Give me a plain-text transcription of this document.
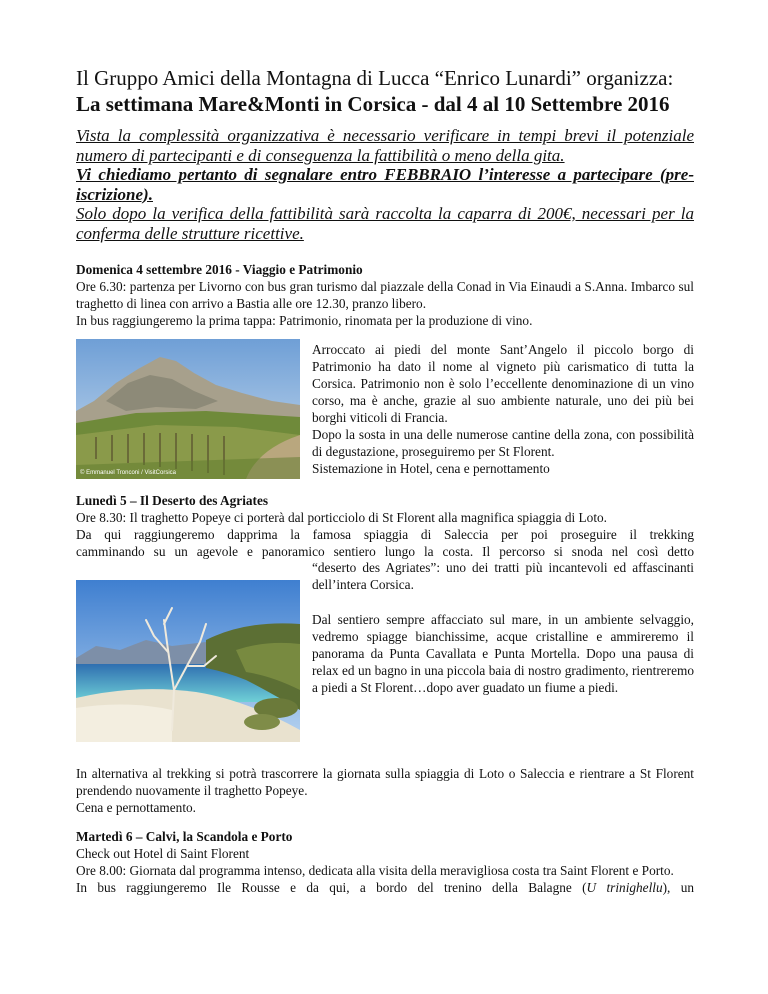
Il Gruppo Amici della Montagna di Lucca “Enrico Lunardi” organizza:
La settimana Mare&Monti in Corsica - dal 4 al 10 Settembre 2016
Vista la complessità organizzativa è necessario verificare in tempi brevi il potenziale numero di partecipanti e di conseguenza la fattibilità o meno della gita.
Vi chiediamo pertanto di segnalare entro FEBBRAIO l’interesse a partecipare (pre-iscrizione).
Solo dopo la verifica della fattibilità sarà raccolta la caparra di 200€, necessari per la conferma delle strutture ricettive.
Domenica 4 settembre 2016 - Viaggio e Patrimonio
Ore 6.30: partenza per Livorno con bus gran turismo dal piazzale della Conad in Via Einaudi a S.Anna. Imbarco sul traghetto di linea con arrivo a Bastia alle ore 12.30, pranzo libero.
In bus raggiungeremo la prima tappa: Patrimonio, rinomata per la produzione di vino.
© Emmanuel Tronconi / VisitCorsica
Arroccato ai piedi del monte Sant’Angelo il piccolo borgo di Patrimonio ha dato il nome al vigneto più carismatico di tutta la Corsica. Patrimonio non è solo l’eccellente denominazione di un vino corso, ma è anche, grazie al suo ambiente naturale, uno dei più bei borghi viticoli di Francia.
Dopo la sosta in una delle numerose cantine della zona, con possibilità di degustazione, proseguiremo per St Florent.
Sistemazione in Hotel, cena e pernottamento
Lunedì 5 – Il Deserto des Agriates
Ore 8.30: Il traghetto Popeye ci porterà dal porticciolo di St Florent alla magnifica spiaggia di Loto.
Da qui raggiungeremo dapprima la famosa spiaggia di Saleccia per poi proseguire il trekking
camminando su un agevole e panoramico sentiero lungo la costa. Il percorso si snoda nel così detto
“deserto des Agriates”: uno dei tratti più incantevoli ed affascinanti dell’intera Corsica.
Dal sentiero sempre affacciato sul mare, in un ambiente selvaggio, vedremo spiagge bianchissime, acque cristalline e ammireremo il panorama da Punta Cavallata e Punta Mortella. Dopo una pausa di relax ed un bagno in una piccola baia di nostro gradimento, rientreremo a piedi a St Florent…dopo aver guadato un fiume a piedi.
In alternativa al trekking si potrà trascorrere la giornata sulla spiaggia di Loto o Saleccia e rientrare a St Florent prendendo nuovamente il traghetto Popeye.
Cena e pernottamento.
Martedì 6 – Calvi, la Scandola e Porto
Check out Hotel di Saint Florent
Ore 8.00: Giornata dal programma intenso, dedicata alla visita della meravigliosa costa tra Saint Florent e Porto.
In bus raggiungeremo Ile Rousse e da qui, a bordo del trenino della Balagne (U trinighellu), un
